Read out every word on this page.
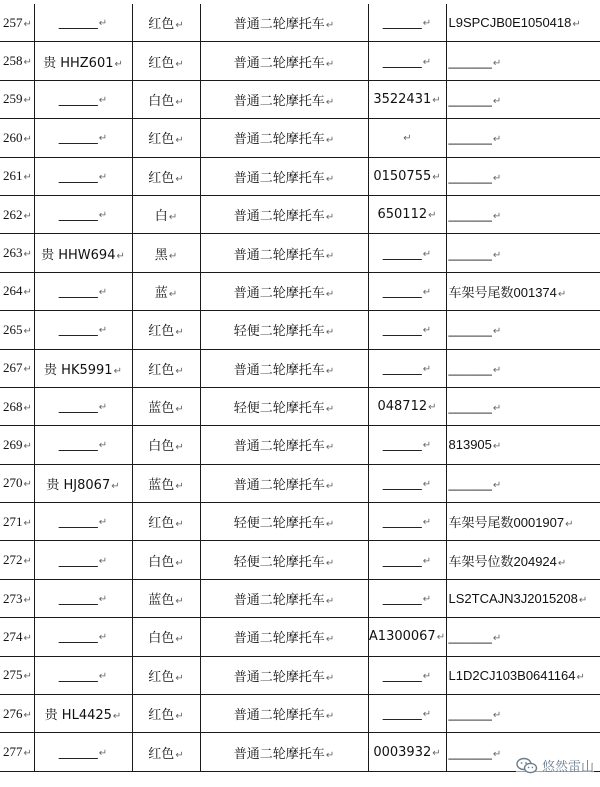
257↵	______↵	红色↵	普通二轮摩托车↵	______↵	L9SPCJB0E1050418↵
258↵	贵 HHZ601↵	红色↵	普通二轮摩托车↵	______↵	______↵
259↵	______↵	白色↵	普通二轮摩托车↵	3522431↵	______↵
260↵	______↵	红色↵	普通二轮摩托车↵	↵	______↵
261↵	______↵	红色↵	普通二轮摩托车↵	0150755↵	______↵
262↵	______↵	白↵	普通二轮摩托车↵	650112↵	______↵
263↵	贵 HHW694↵	黑↵	普通二轮摩托车↵	______↵	______↵
264↵	______↵	蓝↵	普通二轮摩托车↵	______↵	车架号尾数001374↵
265↵	______↵	红色↵	轻便二轮摩托车↵	______↵	______↵
267↵	贵 HK5991↵	红色↵	普通二轮摩托车↵	______↵	______↵
268↵	______↵	蓝色↵	轻便二轮摩托车↵	048712↵	______↵
269↵	______↵	白色↵	普通二轮摩托车↵	______↵	813905↵
270↵	贵 HJ8067↵	蓝色↵	普通二轮摩托车↵	______↵	______↵
271↵	______↵	红色↵	轻便二轮摩托车↵	______↵	车架号尾数0001907↵
272↵	______↵	白色↵	轻便二轮摩托车↵	______↵	车架号位数204924↵
273↵	______↵	蓝色↵	普通二轮摩托车↵	______↵	LS2TCAJN3J2015208↵
274↵	______↵	白色↵	普通二轮摩托车↵	A1300067↵	______↵
275↵	______↵	红色↵	普通二轮摩托车↵	______↵	L1D2CJ103B0641164↵
276↵	贵 HL4425↵	红色↵	普通二轮摩托车↵	______↵	______↵
277↵	______↵	红色↵	普通二轮摩托车↵	0003932↵	______↵
悠然雷山
